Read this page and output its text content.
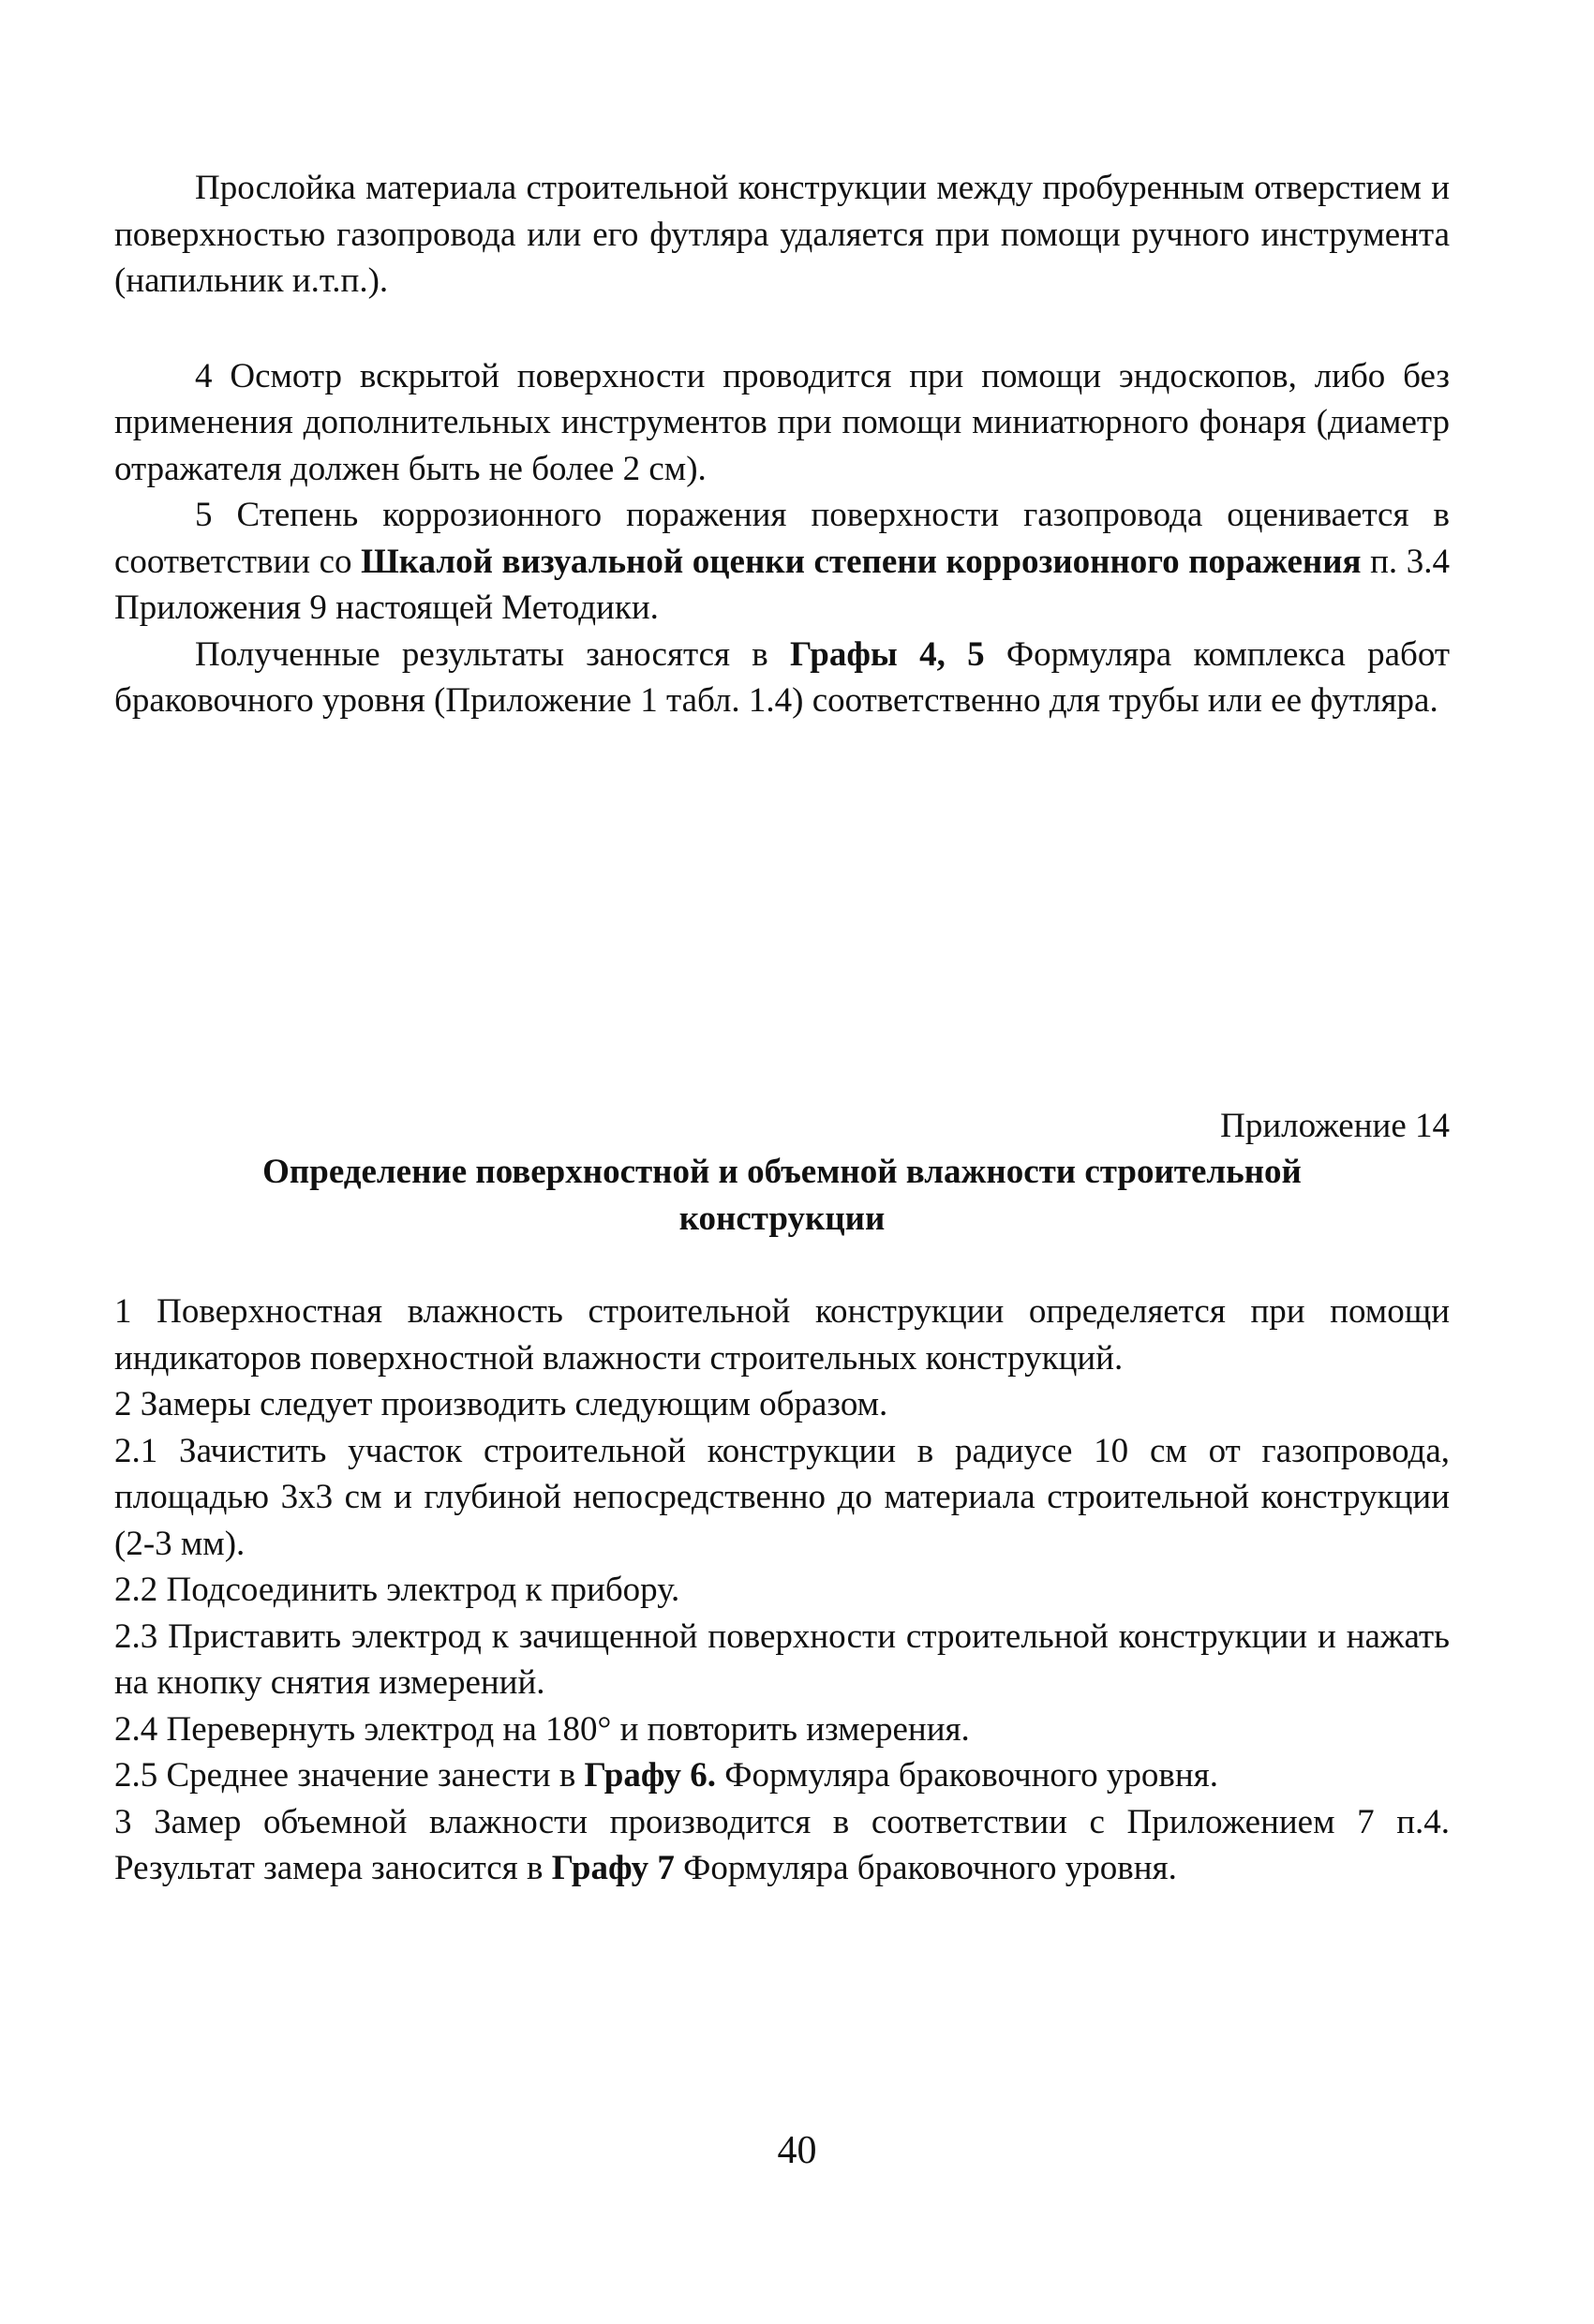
Прослойка материала строительной конструкции между пробуренным отверстием и поверхностью газопровода или его футляра удаляется при помощи ручного инструмента (напильник и.т.п.).

4 Осмотр вскрытой поверхности проводится при помощи эндоскопов, либо без применения дополнительных инструментов при помощи миниатюрного фонаря (диаметр отражателя должен быть не более 2 см).

5 Степень коррозионного поражения поверхности газопровода оценивается в соответствии со Шкалой визуальной оценки степени коррозионного поражения п. 3.4 Приложения 9 настоящей Методики.

Полученные результаты заносятся в Графы 4, 5 Формуляра комплекса работ браковочного уровня (Приложение 1 табл. 1.4) соответственно для трубы или ее футляра.

Приложение 14

Определение поверхностной и объемной влажности строительной конструкции

1 Поверхностная влажность строительной конструкции определяется при помощи индикаторов поверхностной влажности строительных конструкций.

2 Замеры следует производить следующим образом.

2.1 Зачистить участок строительной конструкции в радиусе 10 см от газопровода, площадью 3х3 см и глубиной непосредственно до материала строительной конструкции (2-3 мм).

2.2 Подсоединить электрод к прибору.

2.3 Приставить электрод к зачищенной поверхности строительной конструкции и нажать на кнопку снятия измерений.

2.4 Перевернуть электрод на 180° и повторить измерения.

2.5 Среднее значение занести в Графу 6. Формуляра браковочного уровня.

3 Замер объемной влажности производится в соответствии с Приложением 7 п.4. Результат замера заносится в Графу 7 Формуляра браковочного уровня.

40
